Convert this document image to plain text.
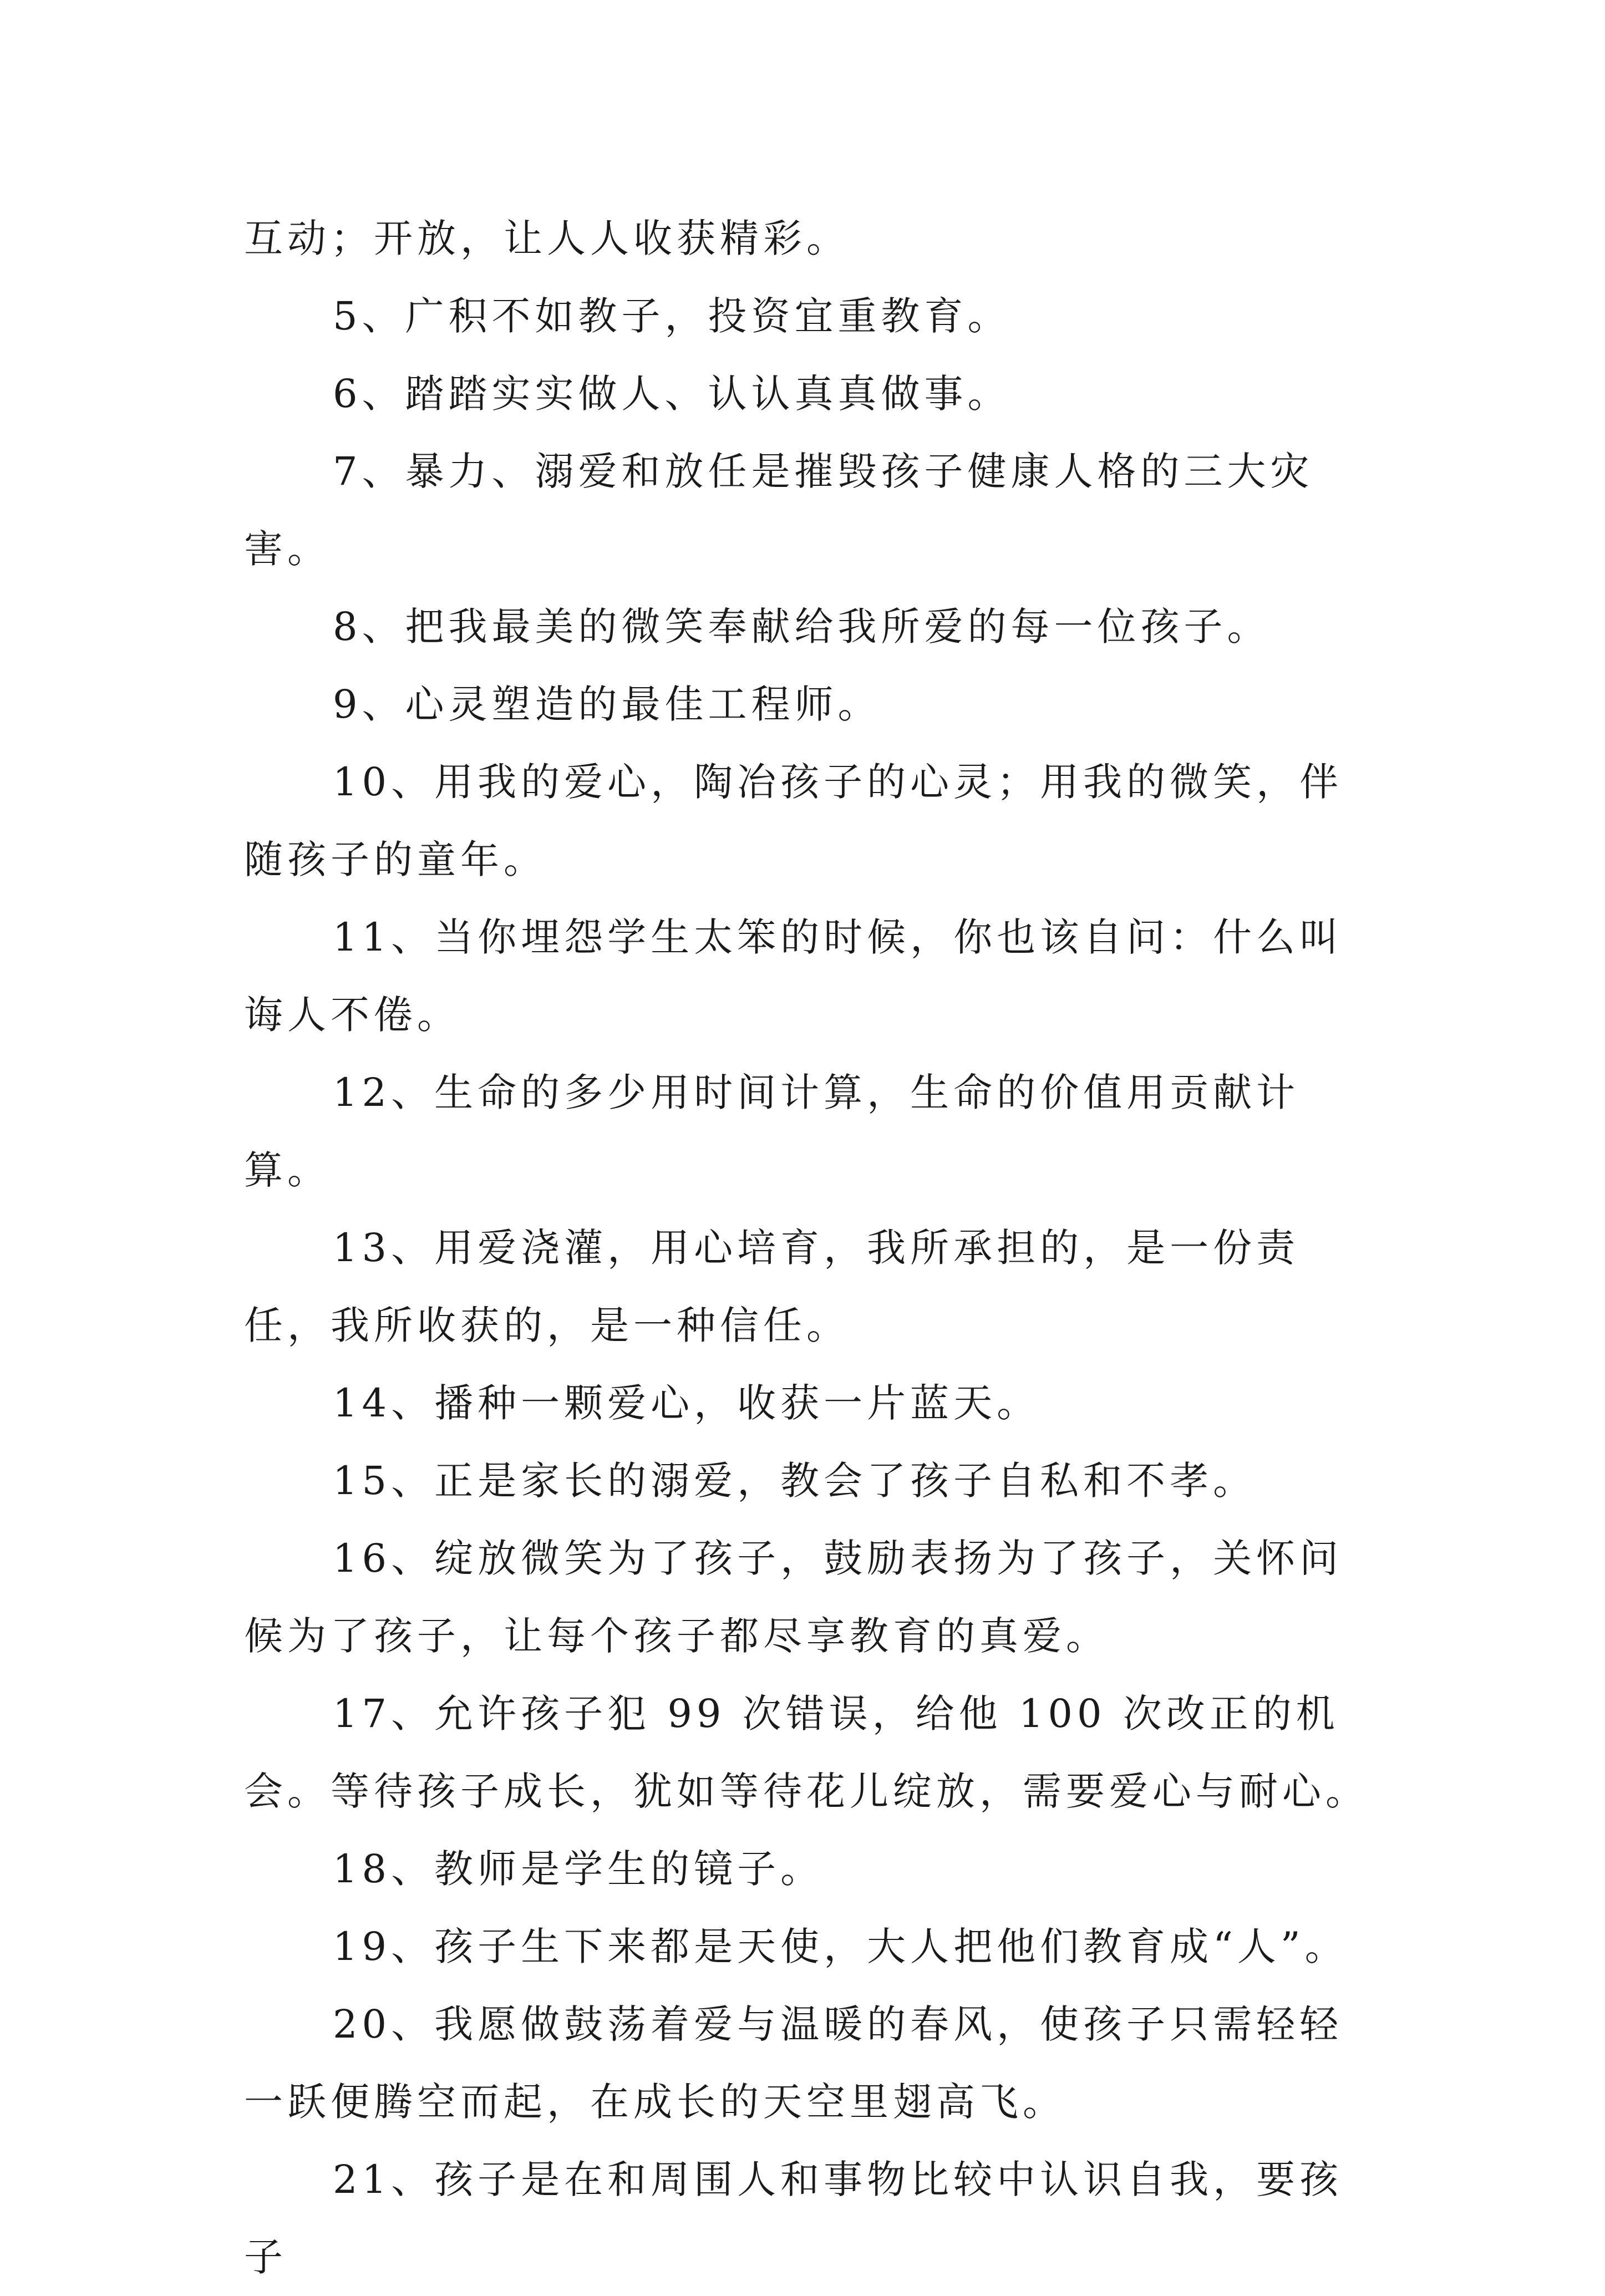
互动；开放，让人人收获精彩。

5、广积不如教子，投资宜重教育。

6、踏踏实实做人、认认真真做事。

7、暴力、溺爱和放任是摧毁孩子健康人格的三大灾害。

8、把我最美的微笑奉献给我所爱的每一位孩子。

9、心灵塑造的最佳工程师。

10、用我的爱心，陶冶孩子的心灵；用我的微笑，伴随孩子的童年。

11、当你埋怨学生太笨的时候，你也该自问：什么叫诲人不倦。

12、生命的多少用时间计算，生命的价值用贡献计算。

13、用爱浇灌，用心培育，我所承担的，是一份责任，我所收获的，是一种信任。

14、播种一颗爱心，收获一片蓝天。

15、正是家长的溺爱，教会了孩子自私和不孝。

16、绽放微笑为了孩子，鼓励表扬为了孩子，关怀问候为了孩子，让每个孩子都尽享教育的真爱。

17、允许孩子犯 99 次错误，给他 100 次改正的机会。等待孩子成长，犹如等待花儿绽放，需要爱心与耐心。

18、教师是学生的镜子。

19、孩子生下来都是天使，大人把他们教育成“人”。

20、我愿做鼓荡着爱与温暖的春风，使孩子只需轻轻一跃便腾空而起，在成长的天空里翅高飞。

21、孩子是在和周围人和事物比较中认识自我，要孩子
